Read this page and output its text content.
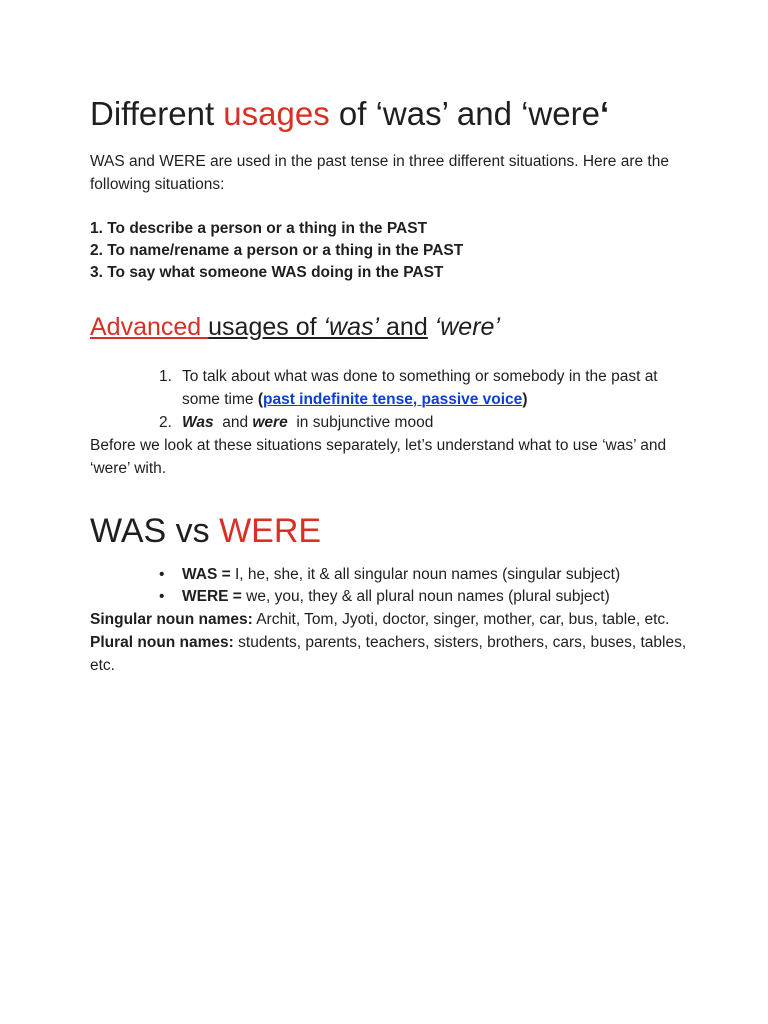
Different usages of ‘was’ and ‘were‘

WAS and WERE are used in the past tense in three different situations. Here are the following situations:

1. To describe a person or a thing in the PAST

2. To name/rename a person or a thing in the PAST

3. To say what someone WAS doing in the PAST

Advanced usages of ‘was’ and ‘were’
1. To talk about what was done to something or somebody in the past at some time (past indefinite tense, passive voice)
2. Was  and were  in subjunctive mood

Before we look at these situations separately, let’s understand what to use ‘was’ and ‘were’ with.

WAS vs WERE
• WAS = I, he, she, it & all singular noun names (singular subject)
• WERE = we, you, they & all plural noun names (plural subject)

Singular noun names: Archit, Tom, Jyoti, doctor, singer, mother, car, bus, table, etc.

Plural noun names: students, parents, teachers, sisters, brothers, cars, buses, tables, etc.
